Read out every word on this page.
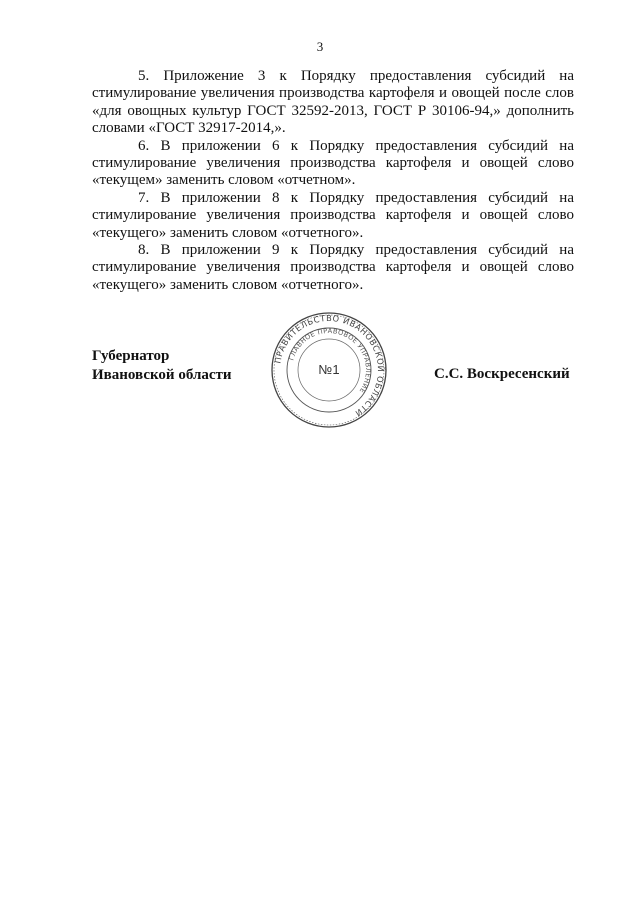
3

5. Приложение 3 к Порядку предоставления субсидий на стимулирование увеличения производства картофеля и овощей после слов «для овощных культур ГОСТ 32592-2013, ГОСТ Р 30106-94,» дополнить словами «ГОСТ 32917-2014,».

6. В приложении 6 к Порядку предоставления субсидий на стимулирование увеличения производства картофеля и овощей слово «текущем» заменить словом «отчетном».

7. В приложении 8 к Порядку предоставления субсидий на стимулирование увеличения производства картофеля и овощей слово «текущего» заменить словом «отчетного».

8. В приложении 9 к Порядку предоставления субсидий на стимулирование увеличения производства картофеля и овощей слово «текущего» заменить словом «отчетного».

Губернатор
Ивановской области	С.С. Воскресенский
ПРАВИТЕЛЬСТВО ИВАНОВСКОЙ ОБЛАСТИ
ГЛАВНОЕ ПРАВОВОЕ УПРАВЛЕНИЕ
№1
